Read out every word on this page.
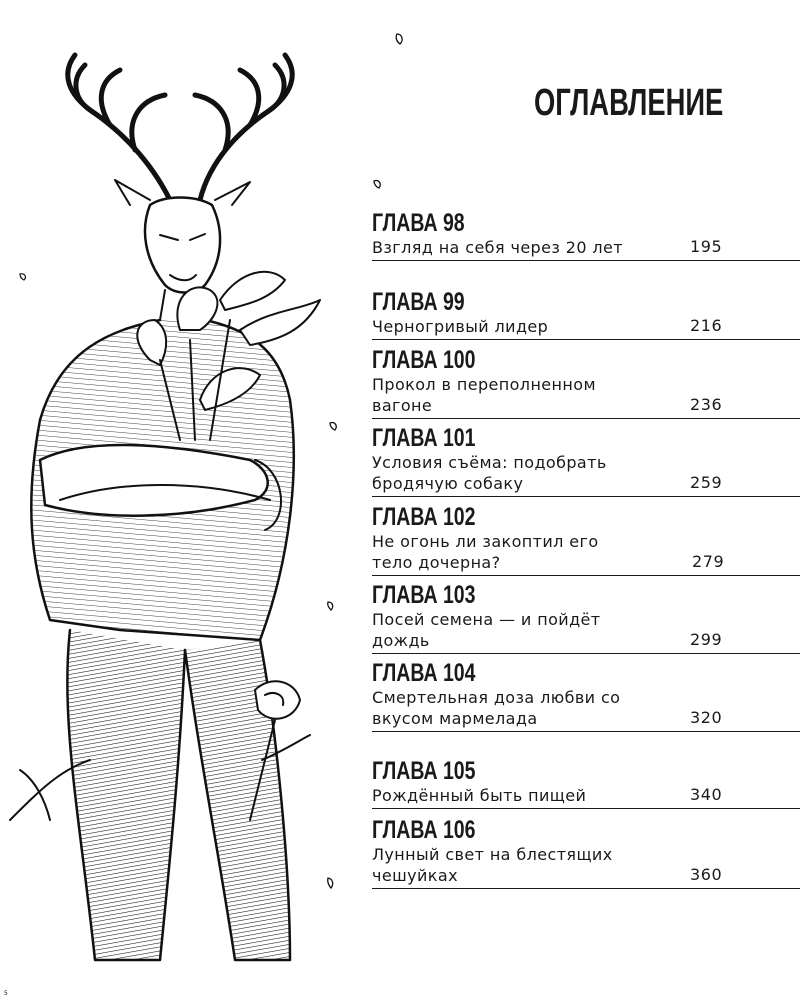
ОГЛАВЛЕНИЕ
ГЛАВА 98
Взгляд на себя через 20 лет	195
ГЛАВА 99
Черногривый лидер	216
ГЛАВА 100
Прокол в переполненном вагоне	236
ГЛАВА 101
Условия съёма: подобрать бродячую собаку	259
ГЛАВА 102
Не огонь ли закоптил его тело дочерна?	279
ГЛАВА 103
Посей семена — и пойдёт дождь	299
ГЛАВА 104
Смертельная доза любви со вкусом мармелада	320
ГЛАВА 105
Рождённый быть пищей	340
ГЛАВА 106
Лунный свет на блестящих чешуйках	360
5
